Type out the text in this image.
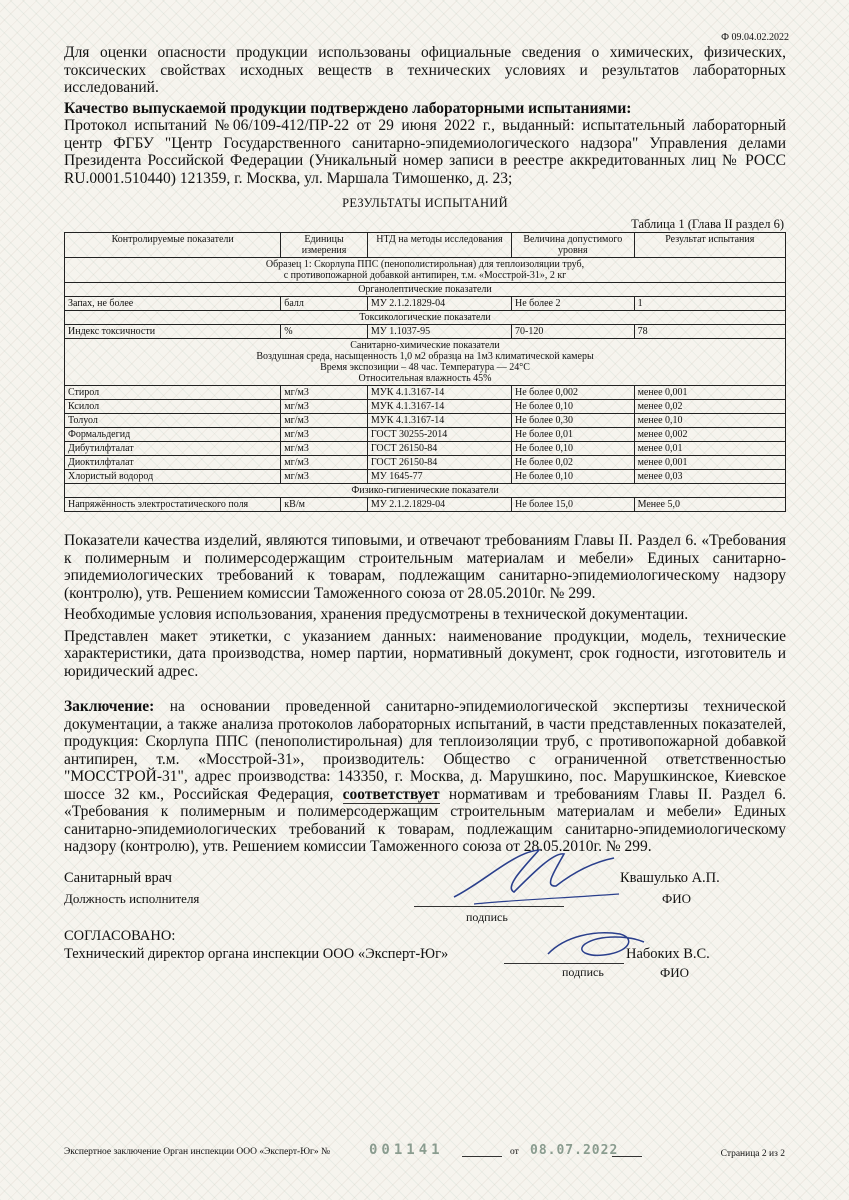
Ф 09.04.02.2022

Для оценки опасности продукции использованы официальные сведения о химических, физических, токсических свойствах исходных веществ в технических условиях и результатов лабораторных исследований.

Качество выпускаемой продукции подтверждено лабораторными испытаниями:

Протокол испытаний №06/109-412/ПР-22 от 29 июня 2022 г., выданный: испытательный лабораторный центр ФГБУ "Центр Государственного санитарно-эпидемиологического надзора" Управления делами Президента Российской Федерации (Уникальный номер записи в реестре аккредитованных лиц № РОСС RU.0001.510440) 121359, г. Москва, ул. Маршала Тимошенко, д. 23;

РЕЗУЛЬТАТЫ ИСПЫТАНИЙ
Таблица 1 (Глава II раздел 6)
Контролируемые показатели	Единицы измерения	НТД на методы исследования	Величина допустимого уровня	Результат испытания

Образец 1: Скорлупа ППС (пенополистирольная) для теплоизоляции труб,
с противопожарной добавкой антипирен, т.м. «Мосстрой-31», 2 кг				

Органолептические показатели				
Запах, не более	балл	МУ 2.1.2.1829-04	Не более 2	1
Токсикологические показатели				
Индекс токсичности	%	МУ 1.1037-95	70-120	78

Санитарно-химические показатели
Воздушная среда, насыщенность 1,0 м2 образца на 1м3 климатической камеры
Время экспозиции – 48 час. Температура — 24°С
Относительная влажность 45%				

Стирол	мг/м3	МУК 4.1.3167-14	Не более 0,002	менее 0,001
Ксилол	мг/м3	МУК 4.1.3167-14	Не более 0,10	менее 0,02
Толуол	мг/м3	МУК 4.1.3167-14	Не более 0,30	менее 0,10
Формальдегид	мг/м3	ГОСТ 30255-2014	Не более 0,01	менее 0,002
Дибутилфталат	мг/м3	ГОСТ 26150-84	Не более 0,10	менее 0,01
Диоктилфталат	мг/м3	ГОСТ 26150-84	Не более 0,02	менее 0,001
Хлористый водород	мг/м3	МУ 1645-77	Не более 0,10	менее 0,03
Физико-гигиенические показатели				
Напряжённость электростатического поля	кВ/м	МУ 2.1.2.1829-04	Не более 15,0	Менее 5,0

Показатели качества изделий, являются типовыми, и отвечают требованиям Главы II. Раздел 6. «Требования к полимерным и полимерсодержащим строительным материалам и мебели» Единых санитарно-эпидемиологических требований к товарам, подлежащим санитарно-эпидемиологическому надзору (контролю), утв. Решением комиссии Таможенного союза от 28.05.2010г. № 299.

Необходимые условия использования, хранения предусмотрены в технической документации.

Представлен макет этикетки, с указанием данных: наименование продукции, модель, технические характеристики, дата производства, номер партии, нормативный документ, срок годности, изготовитель и юридический адрес.

Заключение: на основании проведенной санитарно-эпидемиологической экспертизы технической документации, а также анализа протоколов лабораторных испытаний, в части представленных показателей, продукция: Скорлупа ППС (пенополистирольная) для теплоизоляции труб, с противопожарной добавкой антипирен, т.м. «Мосстрой-31», производитель: Общество с ограниченной ответственностью "МОССТРОЙ-31", адрес производства: 143350, г. Москва, д. Марушкино, пос. Марушкинское, Киевское шоссе 32 км., Российская Федерация, соответствует нормативам и требованиям Главы II. Раздел 6. «Требования к полимерным и полимерсодержащим строительным материалам и мебели» Единых санитарно-эпидемиологических требований к товарам, подлежащим санитарно-эпидемиологическому надзору (контролю), утв. Решением комиссии Таможенного союза от 28.05.2010г. № 299.

Санитарный врач
Должность исполнителя
подпись
Квашулько А.П.
ФИО
СОГЛАСОВАНО:
Технический директор органа инспекции ООО «Эксперт-Юг»
подпись
Набоких В.С.
ФИО
Экспертное заключение Орган инспекции ООО «Эксперт-Юг» №	001141	от 08.07.2022	Страница 2 из 2
